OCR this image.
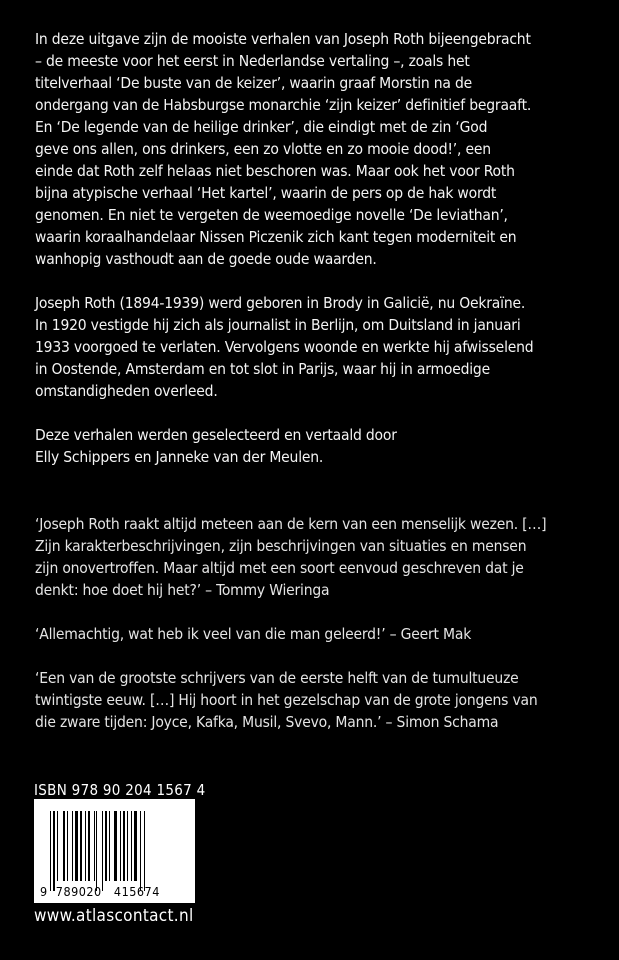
In deze uitgave zijn de mooiste verhalen van Joseph Roth bijeengebracht
– de meeste voor het eerst in Nederlandse vertaling –, zoals het
titelverhaal ‘De buste van de keizer’, waarin graaf Morstin na de
ondergang van de Habsburgse monarchie ‘zijn keizer’ definitief begraaft.
En ‘De legende van de heilige drinker’, die eindigt met de zin ‘God
geve ons allen, ons drinkers, een zo vlotte en zo mooie dood!’, een
einde dat Roth zelf helaas niet beschoren was. Maar ook het voor Roth
bijna atypische verhaal ‘Het kartel’, waarin de pers op de hak wordt
genomen. En niet te vergeten de weemoedige novelle ‘De leviathan’,
waarin koraalhandelaar Nissen Piczenik zich kant tegen moderniteit en
wanhopig vasthoudt aan de goede oude waarden.

Joseph Roth (1894-1939) werd geboren in Brody in Galicië, nu Oekraïne.
In 1920 vestigde hij zich als journalist in Berlijn, om Duitsland in januari
1933 voorgoed te verlaten. Vervolgens woonde en werkte hij afwisselend
in Oostende, Amsterdam en tot slot in Parijs, waar hij in armoedige
omstandigheden overleed.

Deze verhalen werden geselecteerd en vertaald door
Elly Schippers en Janneke van der Meulen.

‘Joseph Roth raakt altijd meteen aan de kern van een menselijk wezen. […]
Zijn karakterbeschrijvingen, zijn beschrijvingen van situaties en mensen
zijn onovertroffen. Maar altijd met een soort eenvoud geschreven dat je
denkt: hoe doet hij het?’ – Tommy Wieringa

‘Allemachtig, wat heb ik veel van die man geleerd!’ – Geert Mak

‘Een van de grootste schrijvers van de eerste helft van de tumultueuze
twintigste eeuw. […] Hij hoort in het gezelschap van de grote jongens van
die zware tijden: Joyce, Kafka, Musil, Svevo, Mann.’ – Simon Schama

ISBN 978 90 204 1567 4
9  789020   415674
www.atlascontact.nl
